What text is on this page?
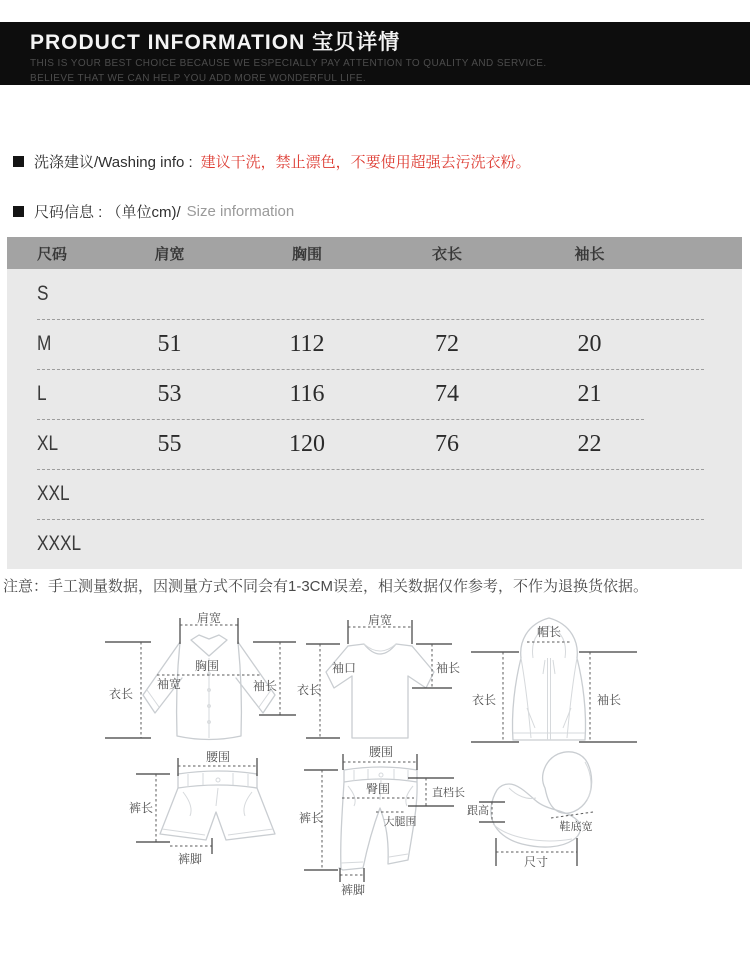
PRODUCT INFORMATION 宝贝详情
THIS IS YOUR BEST CHOICE BECAUSE WE ESPECIALLY PAY ATTENTION TO QUALITY AND SERVICE.
BELIEVE THAT WE CAN HELP YOU ADD MORE WONDERFUL LIFE.
洗涤建议/Washing info : 建议干洗，禁止漂色，不要使用超强去污洗衣粉。
尺码信息 : （单位cm)/ Size information
尺码	肩宽	胸围	衣长	袖长
S
M	51	112	72	20
L	53	116	74	21
XL	55	120	76	22
XXL
XXXL
注意：手工测量数据，因测量方式不同会有1-3CM误差，相关数据仅作参考，不作为退换货依据。
肩宽
胸围
袖宽
衣长
袖长
肩宽
袖口	袖长
衣长
帽长
衣长	袖长
腰围
裤长
裤脚
腰围
臀围	直档长
大腿围
裤长
裤脚
跟高
鞋底宽
尺寸
